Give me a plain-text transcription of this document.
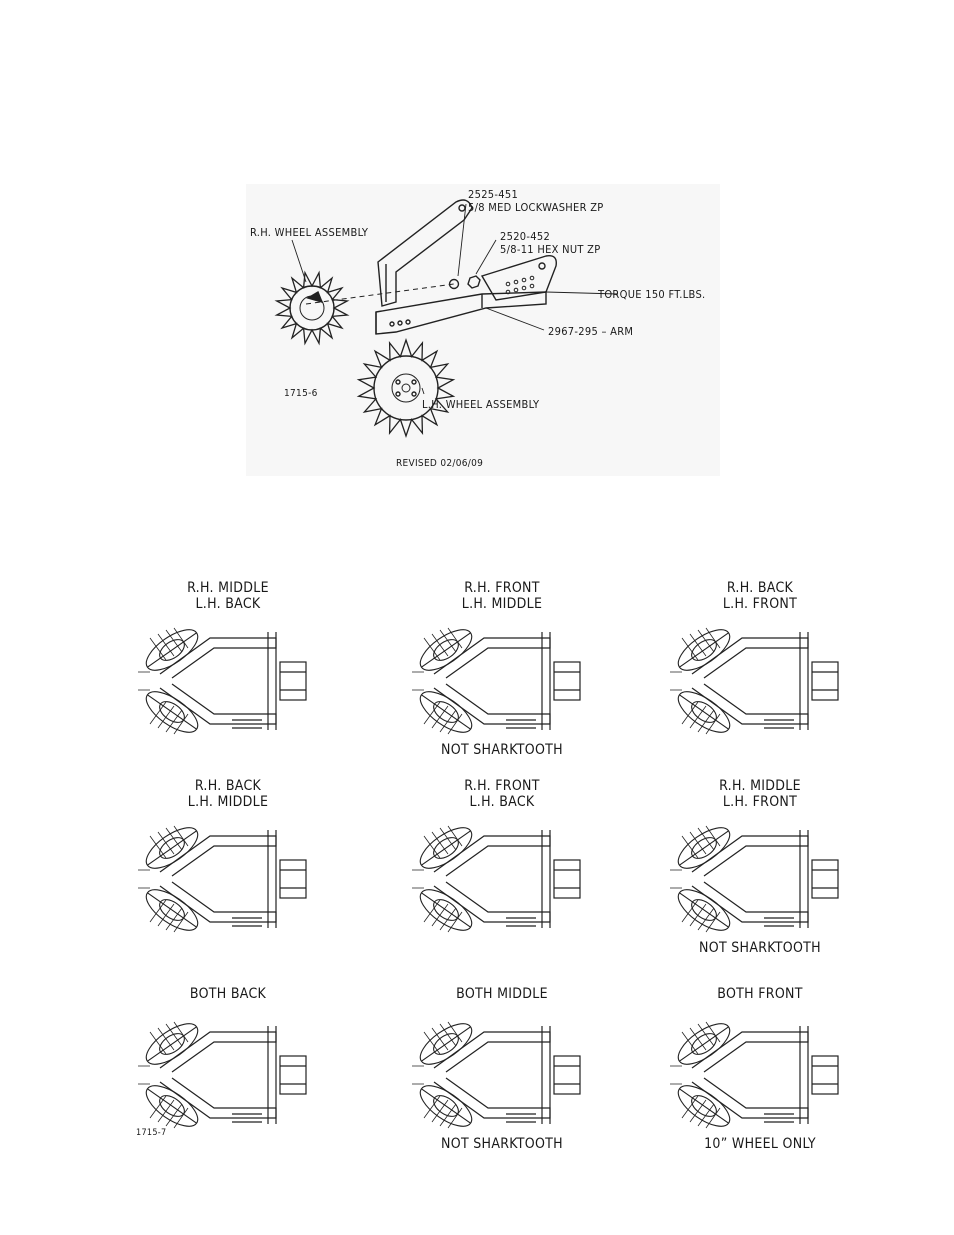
2525-451
5/8 MED LOCKWASHER ZP
2520-452
5/8-11 HEX NUT ZP
TORQUE 150 FT.LBS.
2967-295 – ARM
R.H. WHEEL ASSEMBLY
L.H. WHEEL ASSEMBLY
1715-6
REVISED 02/06/09
R.H. MIDDLE
L.H. BACK
R.H. FRONT
L.H. MIDDLE
NOT SHARKTOOTH
R.H. BACK
L.H. FRONT
R.H. BACK
L.H. MIDDLE
R.H. FRONT
L.H. BACK
R.H. MIDDLE
L.H. FRONT
NOT SHARKTOOTH
BOTH BACK	BOTH MIDDLE
NOT SHARKTOOTH
BOTH FRONT
10” WHEEL ONLY
1715-7
